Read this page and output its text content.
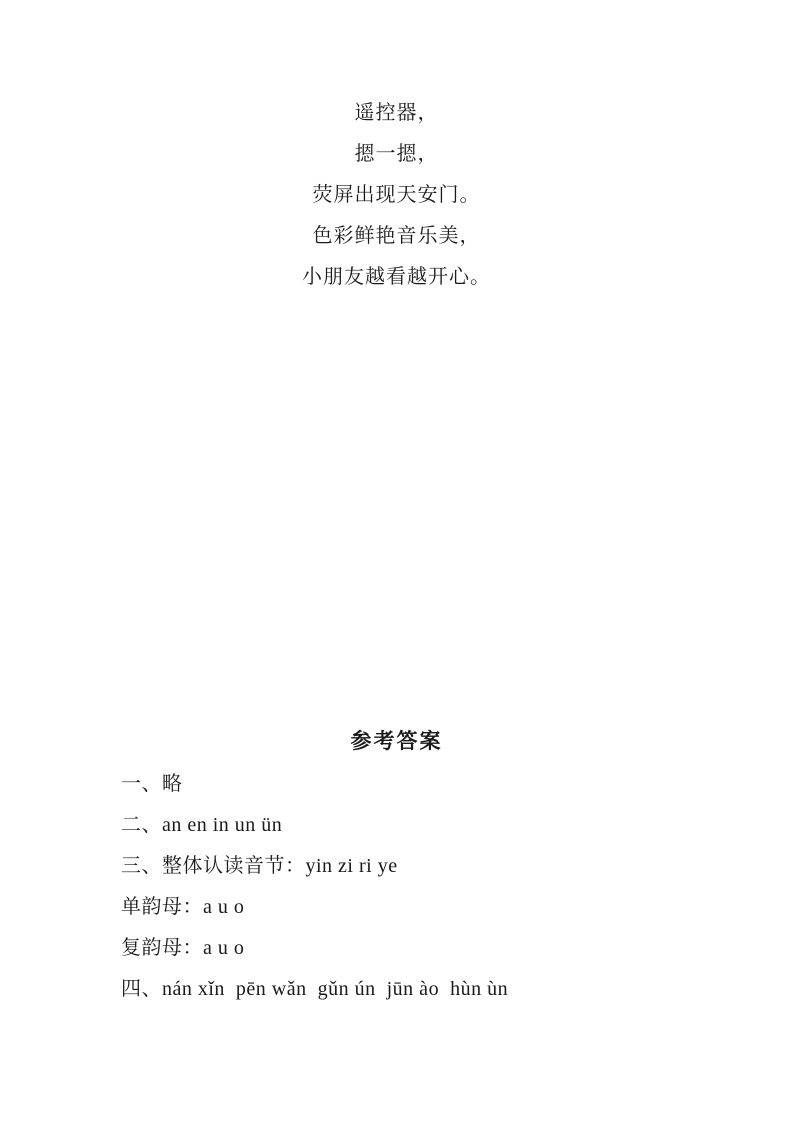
遥控器，
摁一摁，
荧屏出现天安门。
色彩鲜艳音乐美，
小朋友越看越开心。
参考答案
一、略
二、an en in un ün
三、整体认读音节：yin zi ri ye
单韵母：a u o
复韵母：a u o
四、nán xǐn  pēn wǎn  gǔn ún  jūn ào  hùn ùn
